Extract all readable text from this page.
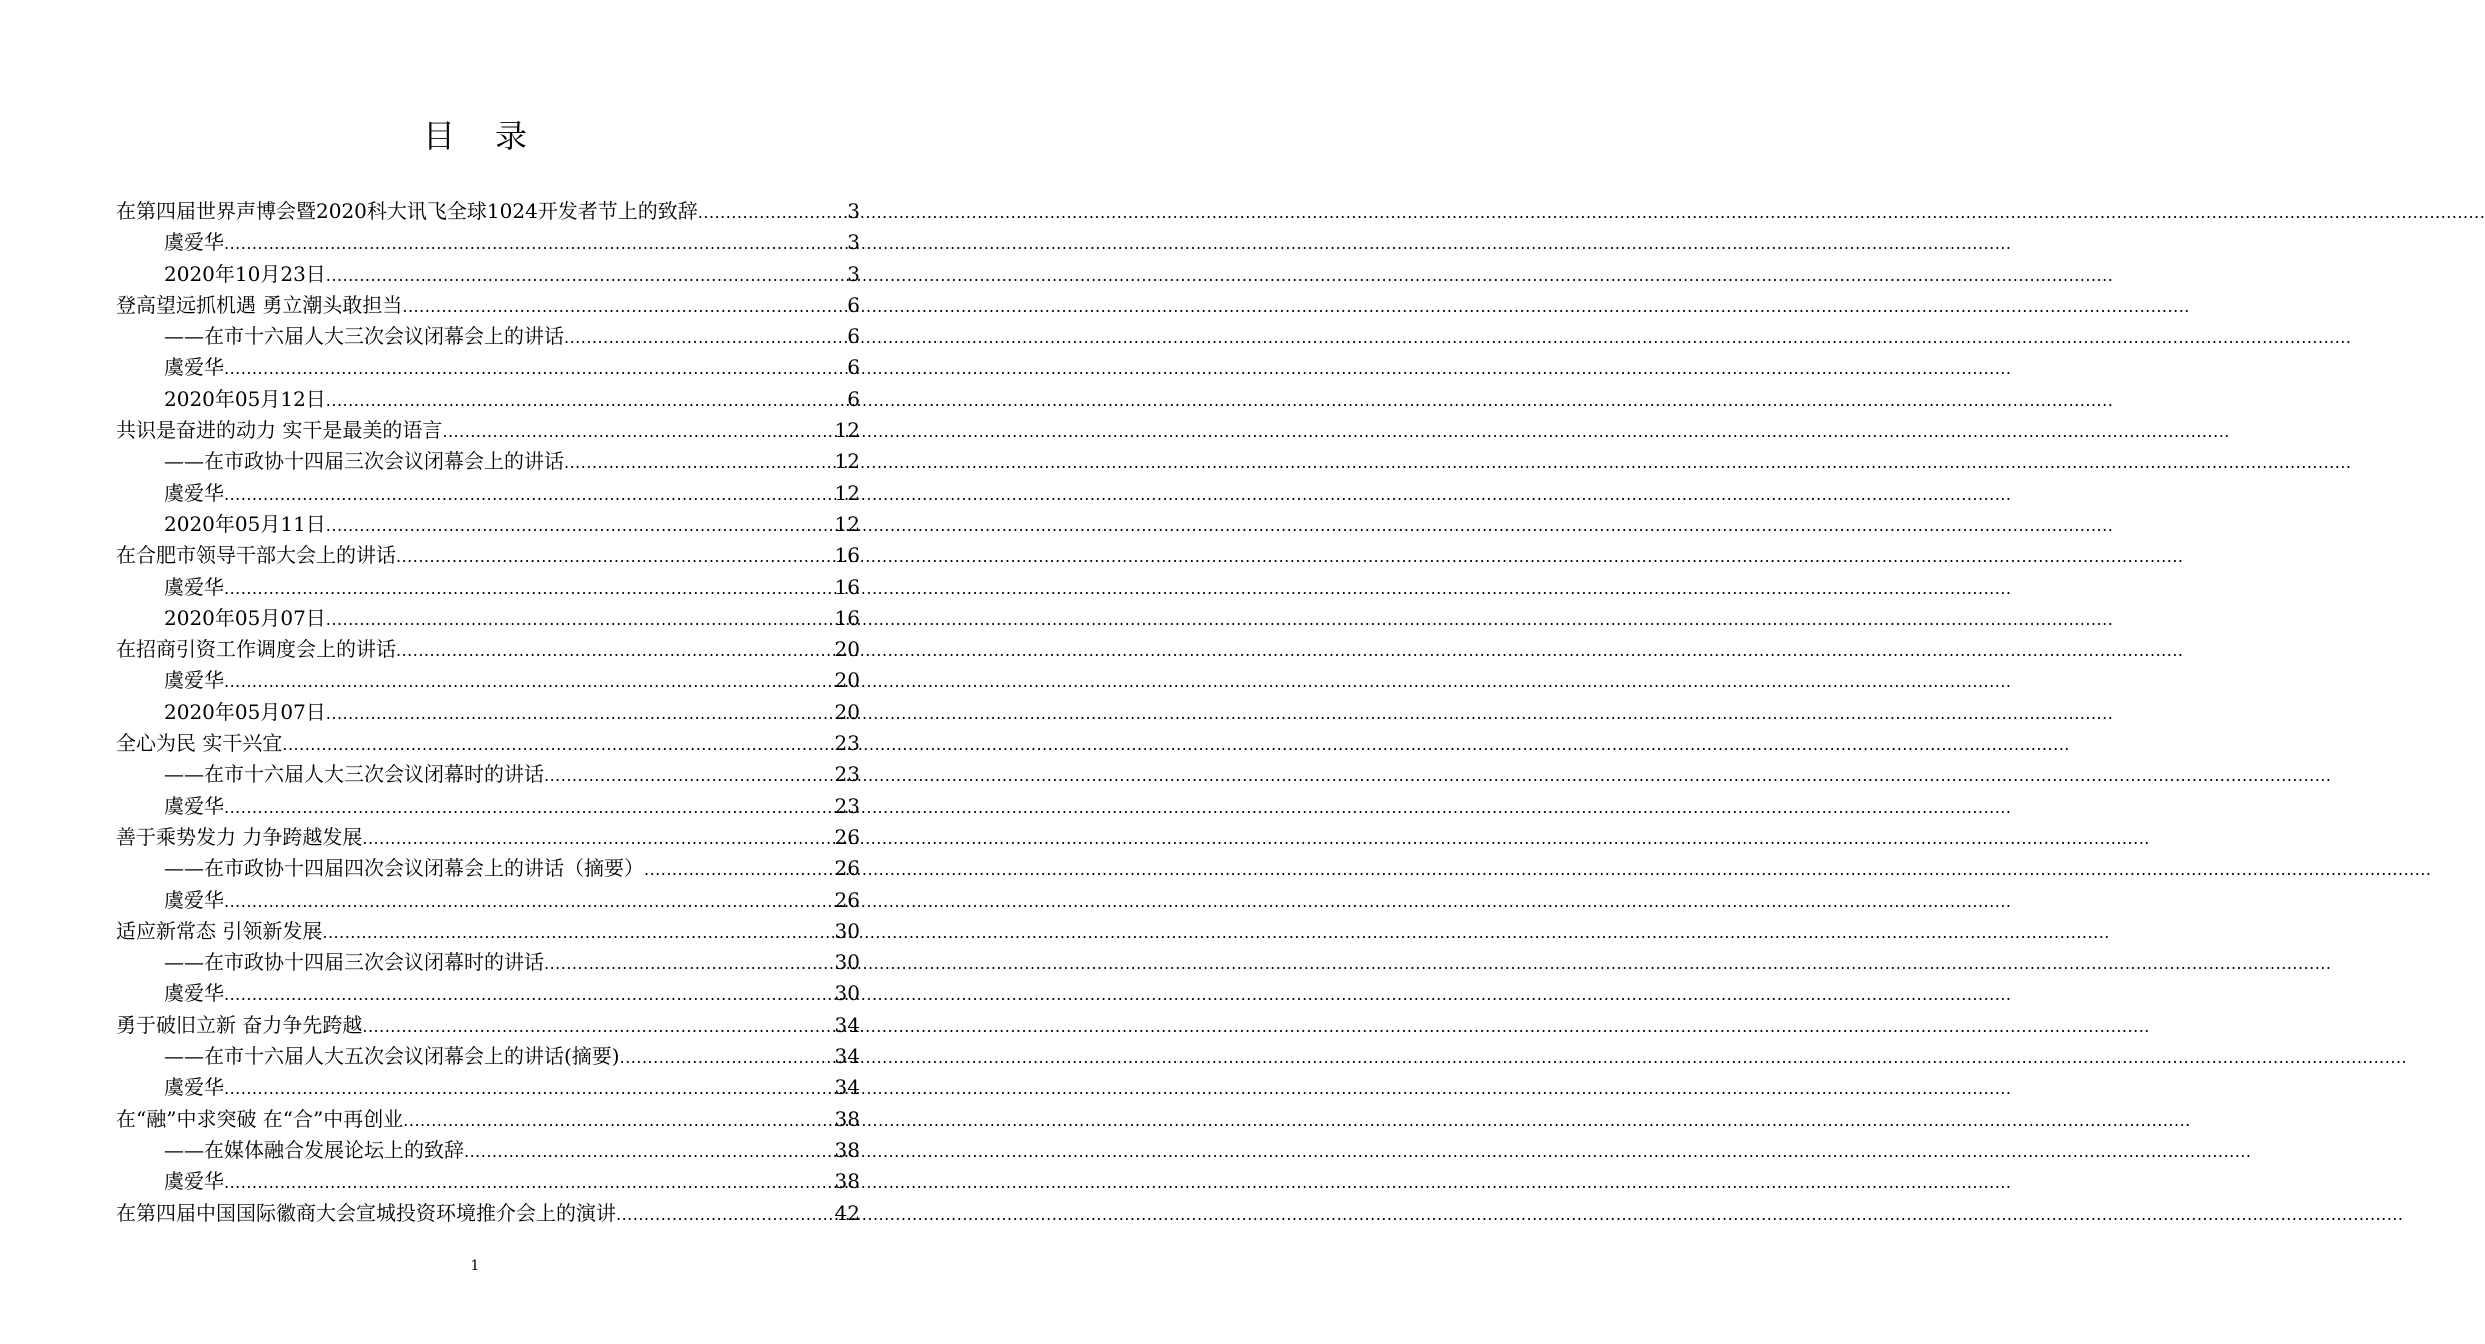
目录
在第四届世界声博会暨2020科大讯飞全球1024开发者节上的致辞 .....	3
虞爱华 .....	3
2020年10月23日 .....	3
登高望远抓机遇 勇立潮头敢担当 .....	6
——在市十六届人大三次会议闭幕会上的讲话 .....	6
虞爱华 .....	6
2020年05月12日 .....	6
共识是奋进的动力 实干是最美的语言 .....	12
——在市政协十四届三次会议闭幕会上的讲话 .....	12
虞爱华 .....	12
2020年05月11日 .....	12
在合肥市领导干部大会上的讲话 .....	16
虞爱华 .....	16
2020年05月07日 .....	16
在招商引资工作调度会上的讲话 .....	20
虞爱华 .....	20
2020年05月07日 .....	20
全心为民 实干兴宜 .....	23
——在市十六届人大三次会议闭幕时的讲话 .....	23
虞爱华 .....	23
善于乘势发力 力争跨越发展 .....	26
——在市政协十四届四次会议闭幕会上的讲话（摘要） .....	26
虞爱华 .....	26
适应新常态 引领新发展 .....	30
——在市政协十四届三次会议闭幕时的讲话 .....	30
虞爱华 .....	30
勇于破旧立新 奋力争先跨越 .....	34
——在市十六届人大五次会议闭幕会上的讲话(摘要) .....	34
虞爱华 .....	34
在“融”中求突破 在“合”中再创业 .....	38
——在媒体融合发展论坛上的致辞 .....	38
虞爱华 .....	38
在第四届中国国际徽商大会宣城投资环境推介会上的演讲 .....	42
1
